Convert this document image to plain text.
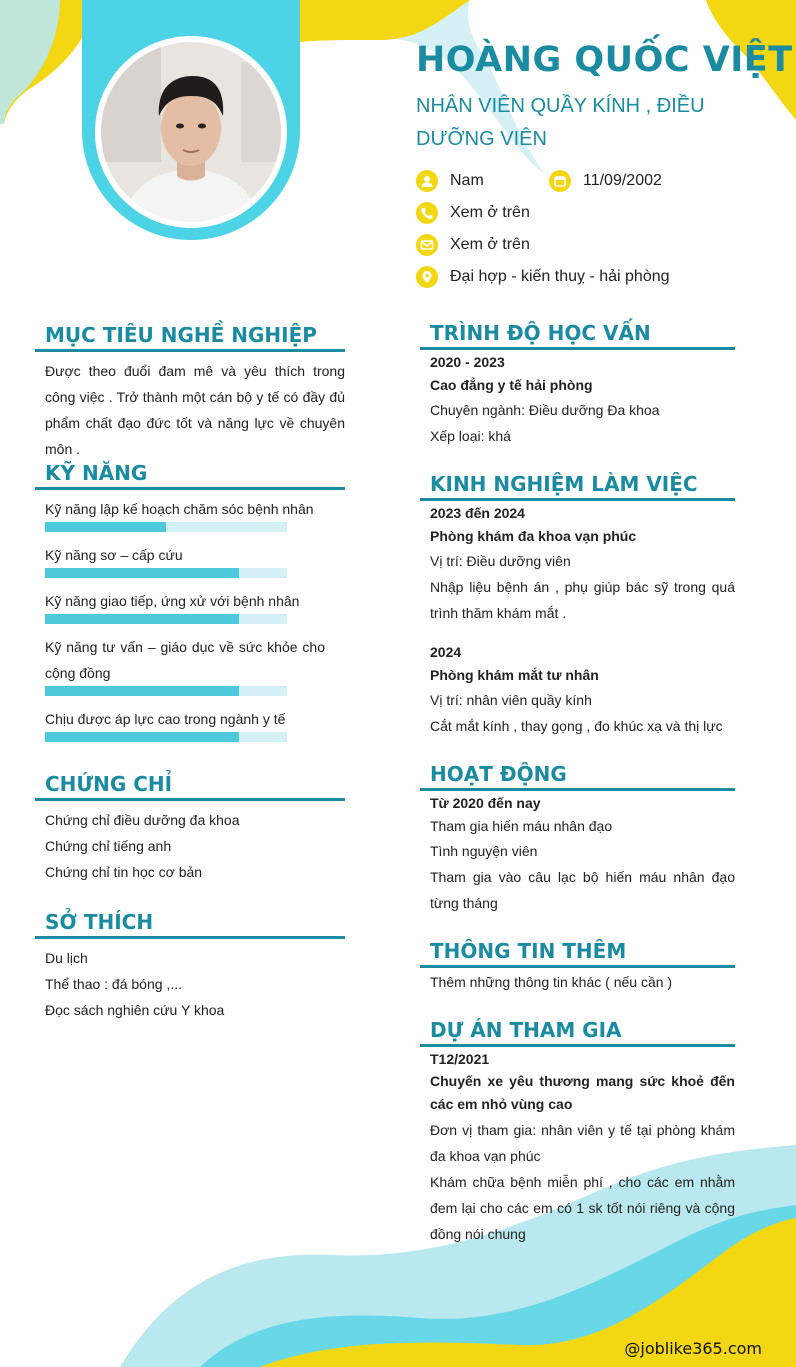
HOÀNG QUỐC VIỆT
NHÂN VIÊN QUẦY KÍNH , ĐIỀU DƯỠNG VIÊN
Nam	11/09/2002
Xem ở trên
Xem ở trên
Đại hợp - kiến thuỵ - hải phòng
MỤC TIÊU NGHỀ NGHIỆP
Được theo đuổi đam mê và yêu thích trong công việc . Trở thành một cán bộ y tế có đầy đủ phẩm chất đạo đức tốt và năng lực về chuyên môn .
KỸ NĂNG
Kỹ năng lập kế hoạch chăm sóc bệnh nhân
Kỹ năng sơ – cấp cứu
Kỹ năng giao tiếp, ứng xử với bệnh nhân
Kỹ năng tư vấn – giáo dục về sức khỏe cho cộng đồng
Chịu được áp lực cao trong ngành y tế
CHỨNG CHỈ
Chứng chỉ điều dưỡng đa khoa
Chứng chỉ tiếng anh
Chứng chỉ tin học cơ bản
SỞ THÍCH
Du lịch
Thể thao : đá bóng ,...
Đọc sách nghiên cứu Y khoa
TRÌNH ĐỘ HỌC VẤN
2020 - 2023
Cao đẳng y tế hải phòng
Chuyên ngành: Điều dưỡng Đa khoa
Xếp loại: khá
KINH NGHIỆM LÀM VIỆC
2023 đến 2024
Phòng khám đa khoa vạn phúc
Vị trí: Điều dưỡng viên
Nhập liệu bệnh án , phụ giúp bác sỹ trong quá trình thăm khám mắt .
2024
Phòng khám mắt tư nhân
Vị trí: nhân viên quầy kính
Cắt mắt kính , thay gọng , đo khúc xạ và thị lực
HOẠT ĐỘNG
Từ 2020 đến nay
Tham gia hiến máu nhân đạo
Tình nguyện viên
Tham gia vào câu lạc bộ hiến máu nhân đạo từng tháng
THÔNG TIN THÊM
Thêm những thông tin khác ( nếu cần )
DỰ ÁN THAM GIA
T12/2021
Chuyến xe yêu thương mang sức khoẻ đến các em nhỏ vùng cao
Đơn vị tham gia: nhân viên y tế tại phòng khám đa khoa vạn phúc
Khám chữa bệnh miễn phí , cho các em nhằm đem lại cho các em có 1 sk tốt nói riêng và cộng đồng nói chung
@joblike365.com
